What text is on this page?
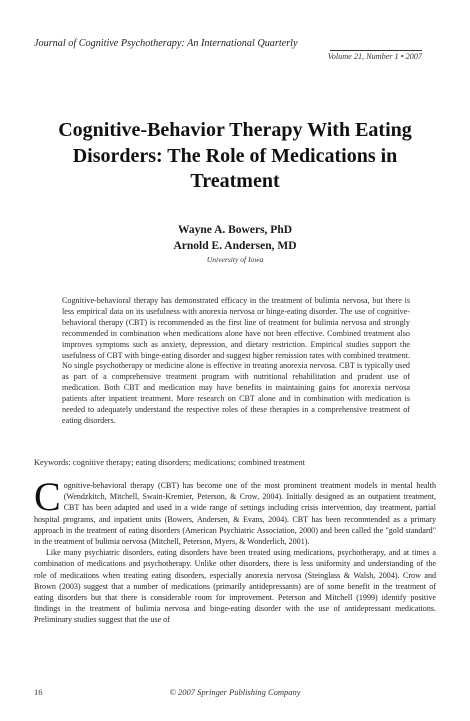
Journal of Cognitive Psychotherapy: An International Quarterly
Volume 21, Number 1 • 2007
Cognitive-Behavior Therapy With Eating
Disorders: The Role of Medications in
Treatment
Wayne A. Bowers, PhD
Arnold E. Andersen, MD
University of Iowa
Cognitive-behavioral therapy has demonstrated efficacy in the treatment of bulimia nervosa, but there is less empirical data on its usefulness with anorexia nervosa or binge-eating disorder. The use of cognitive-behavioral therapy (CBT) is recommended as the first line of treatment for bulimia nervosa and strongly recommended in combination when medications alone have not been effective. Combined treatment also improves symptoms such as anxiety, depression, and dietary restriction. Empirical studies support the usefulness of CBT with binge-eating disorder and suggest higher remission rates with combined treatment. No single psychotherapy or medicine alone is effective in treating anorexia nervosa. CBT is typically used as part of a comprehensive treatment program with nutritional rehabilitation and prudent use of medication. Both CBT and medication may have benefits in maintaining gains for anorexia nervosa patients after inpatient treatment. More research on CBT alone and in combination with medication is needed to adequately understand the respective roles of these therapies in a comprehensive treatment of eating disorders.
Keywords: cognitive therapy; eating disorders; medications; combined treatment

Cognitive-behavioral therapy (CBT) has become one of the most prominent treatment models in mental health (Wendzkitch, Mitchell, Swain-Kremier, Peterson, & Crow, 2004). Initially designed as an outpatient treatment, CBT has been adapted and used in a wide range of settings including crisis intervention, day treatment, partial hospital programs, and inpatient units (Bowers, Andersen, & Evans, 2004). CBT has been recommended as a primary approach in the treatment of eating disorders (American Psychiatric Association, 2000) and been called the "gold standard" in the treatment of bulimia nervosa (Mitchell, Peterson, Myers, & Wonderlich, 2001).

Like many psychiatric disorders, eating disorders have been treated using medications, psychotherapy, and at times a combination of medications and psychotherapy. Unlike other disorders, there is less uniformity and understanding of the role of medications when treating eating disorders, especially anorexia nervosa (Steinglass & Walsh, 2004). Crow and Brown (2003) suggest that a number of medications (primarily antidepressants) are of some benefit in the treatment of eating disorders but that there is considerable room for improvement. Peterson and Mitchell (1999) identify positive findings in the treatment of bulimia nervosa and binge-eating disorder with the use of antidepressant medications. Preliminary studies suggest that the use of

16	© 2007 Springer Publishing Company
